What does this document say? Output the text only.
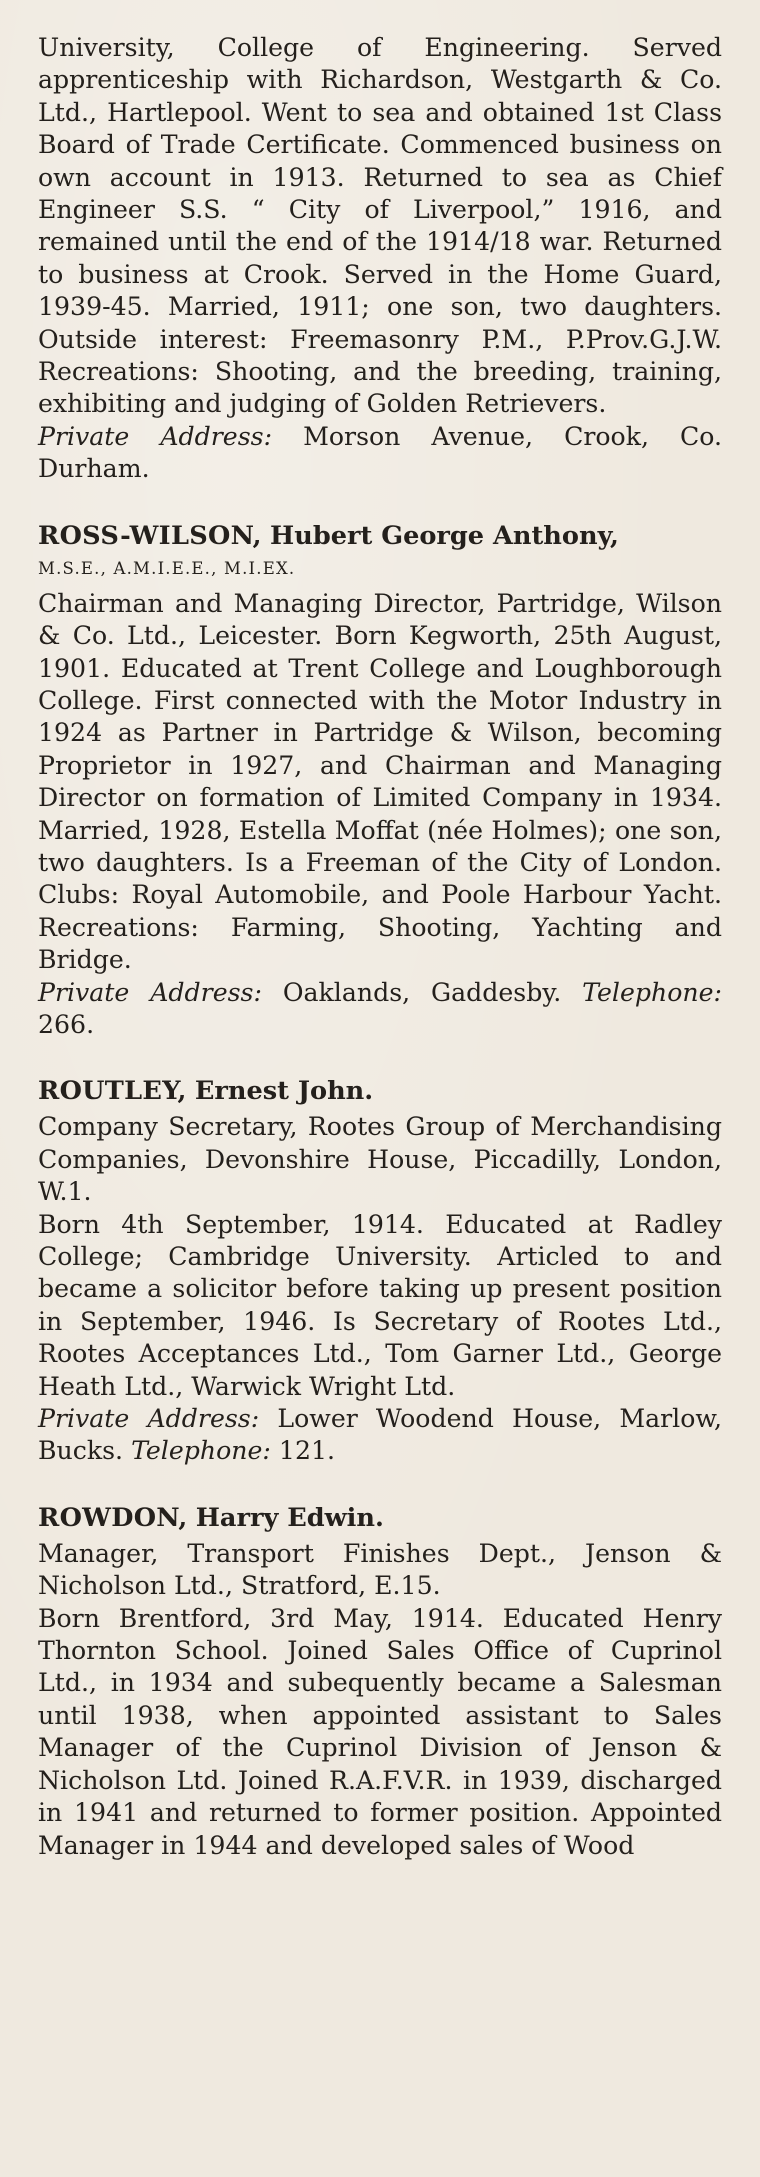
University, College of Engineering. Served apprenticeship with Richardson, Westgarth & Co. Ltd., Hartlepool. Went to sea and obtained 1st Class Board of Trade Certificate. Commenced business on own account in 1913. Returned to sea as Chief Engineer S.S. “ City of Liverpool,” 1916, and remained until the end of the 1914/18 war. Returned to business at Crook. Served in the Home Guard, 1939-45. Married, 1911; one son, two daughters. Outside interest: Freemasonry P.M., P.Prov.G.J.W. Recreations: Shooting, and the breeding, training, exhibiting and judging of Golden Retrievers.

Private Address: Morson Avenue, Crook, Co. Durham.

ROSS-WILSON, Hubert George Anthony,

M.S.E., A.M.I.E.E., M.I.EX.

Chairman and Managing Director, Partridge, Wilson & Co. Ltd., Leicester. Born Kegworth, 25th August, 1901. Educated at Trent College and Loughborough College. First connected with the Motor Industry in 1924 as Partner in Partridge & Wilson, becoming Proprietor in 1927, and Chairman and Managing Director on formation of Limited Company in 1934. Married, 1928, Estella Moffat (née Holmes); one son, two daughters. Is a Freeman of the City of London. Clubs: Royal Automobile, and Poole Harbour Yacht. Recreations: Farming, Shooting, Yachting and Bridge.

Private Address: Oaklands, Gaddesby. Telephone: 266.

ROUTLEY, Ernest John.

Company Secretary, Rootes Group of Merchandising Companies, Devonshire House, Piccadilly, London, W.1.

Born 4th September, 1914. Educated at Radley College; Cambridge University. Articled to and became a solicitor before taking up present position in September, 1946. Is Secretary of Rootes Ltd., Rootes Acceptances Ltd., Tom Garner Ltd., George Heath Ltd., Warwick Wright Ltd.

Private Address: Lower Woodend House, Marlow, Bucks. Telephone: 121.

ROWDON, Harry Edwin.

Manager, Transport Finishes Dept., Jenson & Nicholson Ltd., Stratford, E.15.

Born Brentford, 3rd May, 1914. Educated Henry Thornton School. Joined Sales Office of Cuprinol Ltd., in 1934 and subequently became a Salesman until 1938, when appointed assistant to Sales Manager of the Cuprinol Division of Jenson & Nicholson Ltd. Joined R.A.F.V.R. in 1939, discharged in 1941 and returned to former position. Appointed Manager in 1944 and developed sales of Wood
